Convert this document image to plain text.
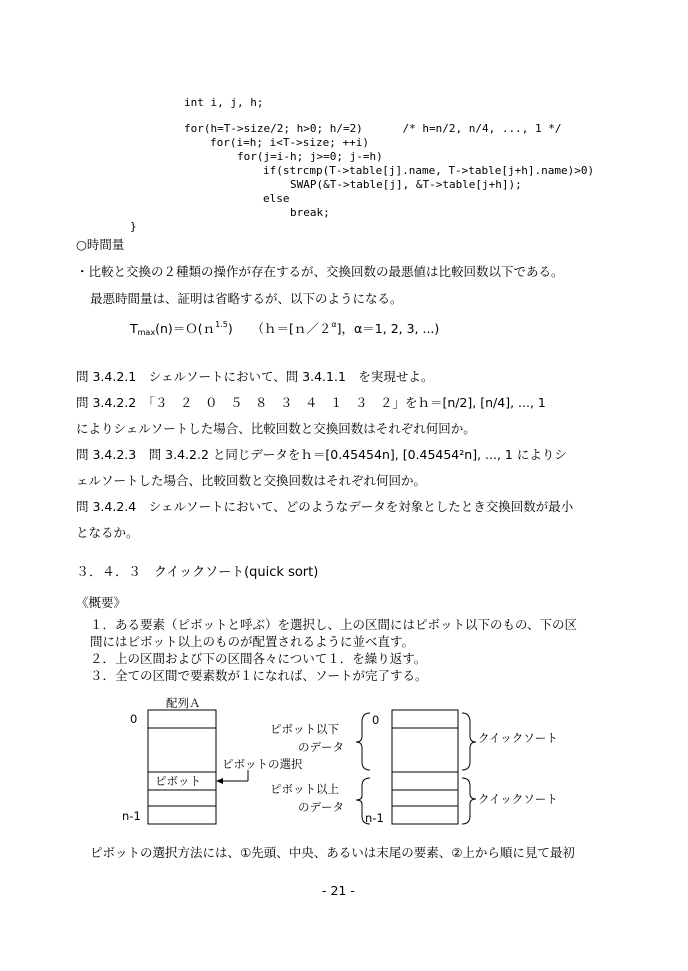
int i, j, h;
for(h=T->size/2; h>0; h/=2)      /* h=n/2, n/4, ..., 1 */
for(i=h; i<T->size; ++i)
for(j=i-h; j>=0; j-=h)
if(strcmp(T->table[j].name, T->table[j+h].name)>0)
SWAP(&T->table[j], &T->table[j+h]);
else
break;
}
○時間量
・比較と交換の２種類の操作が存在するが、交換回数の最悪値は比較回数以下である。
最悪時間量は、証明は省略するが、以下のようになる。
Tmax(n)＝Ｏ(ｎ$^{1.5}$)　　（$h=[n/2^\alpha]$，α＝1, 2, 3, ...)
問 3.4.2.1　シェルソートにおいて、問 3.4.1.1　を実現せよ。
問 3.4.2.2　「３　２　０　５　８　３　４　１　３　２」をｈ＝[n/2], [n/4], ..., 1
によりシェルソートした場合、比較回数と交換回数はそれぞれ何回か。
問 3.4.2.3　問 3.4.2.2 と同じデータをｈ＝[0.45454n], [0.45454²n], ..., 1 によりシ
ェルソートした場合、比較回数と交換回数はそれぞれ何回か。
問 3.4.2.4　シェルソートにおいて、どのようなデータを対象としたとき交換回数が最小
となるか。
３．４．３　クイックソート(quick sort)
《概要》
１．ある要素（ピボットと呼ぶ）を選択し、上の区間にはピボット以下のもの、下の区
間にはピボット以上のものが配置されるように並べ直す。
２．上の区間および下の区間各々について１．を繰り返す。
３．全ての区間で要素数が１になれば、ソートが完了する。
配列Ａ
0
n-1
ピボット
ピボットの選択
ピボット以下
のデータ
ピボット以上
のデータ
0
n-1
クイックソート
クイックソート
ピボットの選択方法には、①先頭、中央、あるいは末尾の要素、②上から順に見て最初
- 21 -
